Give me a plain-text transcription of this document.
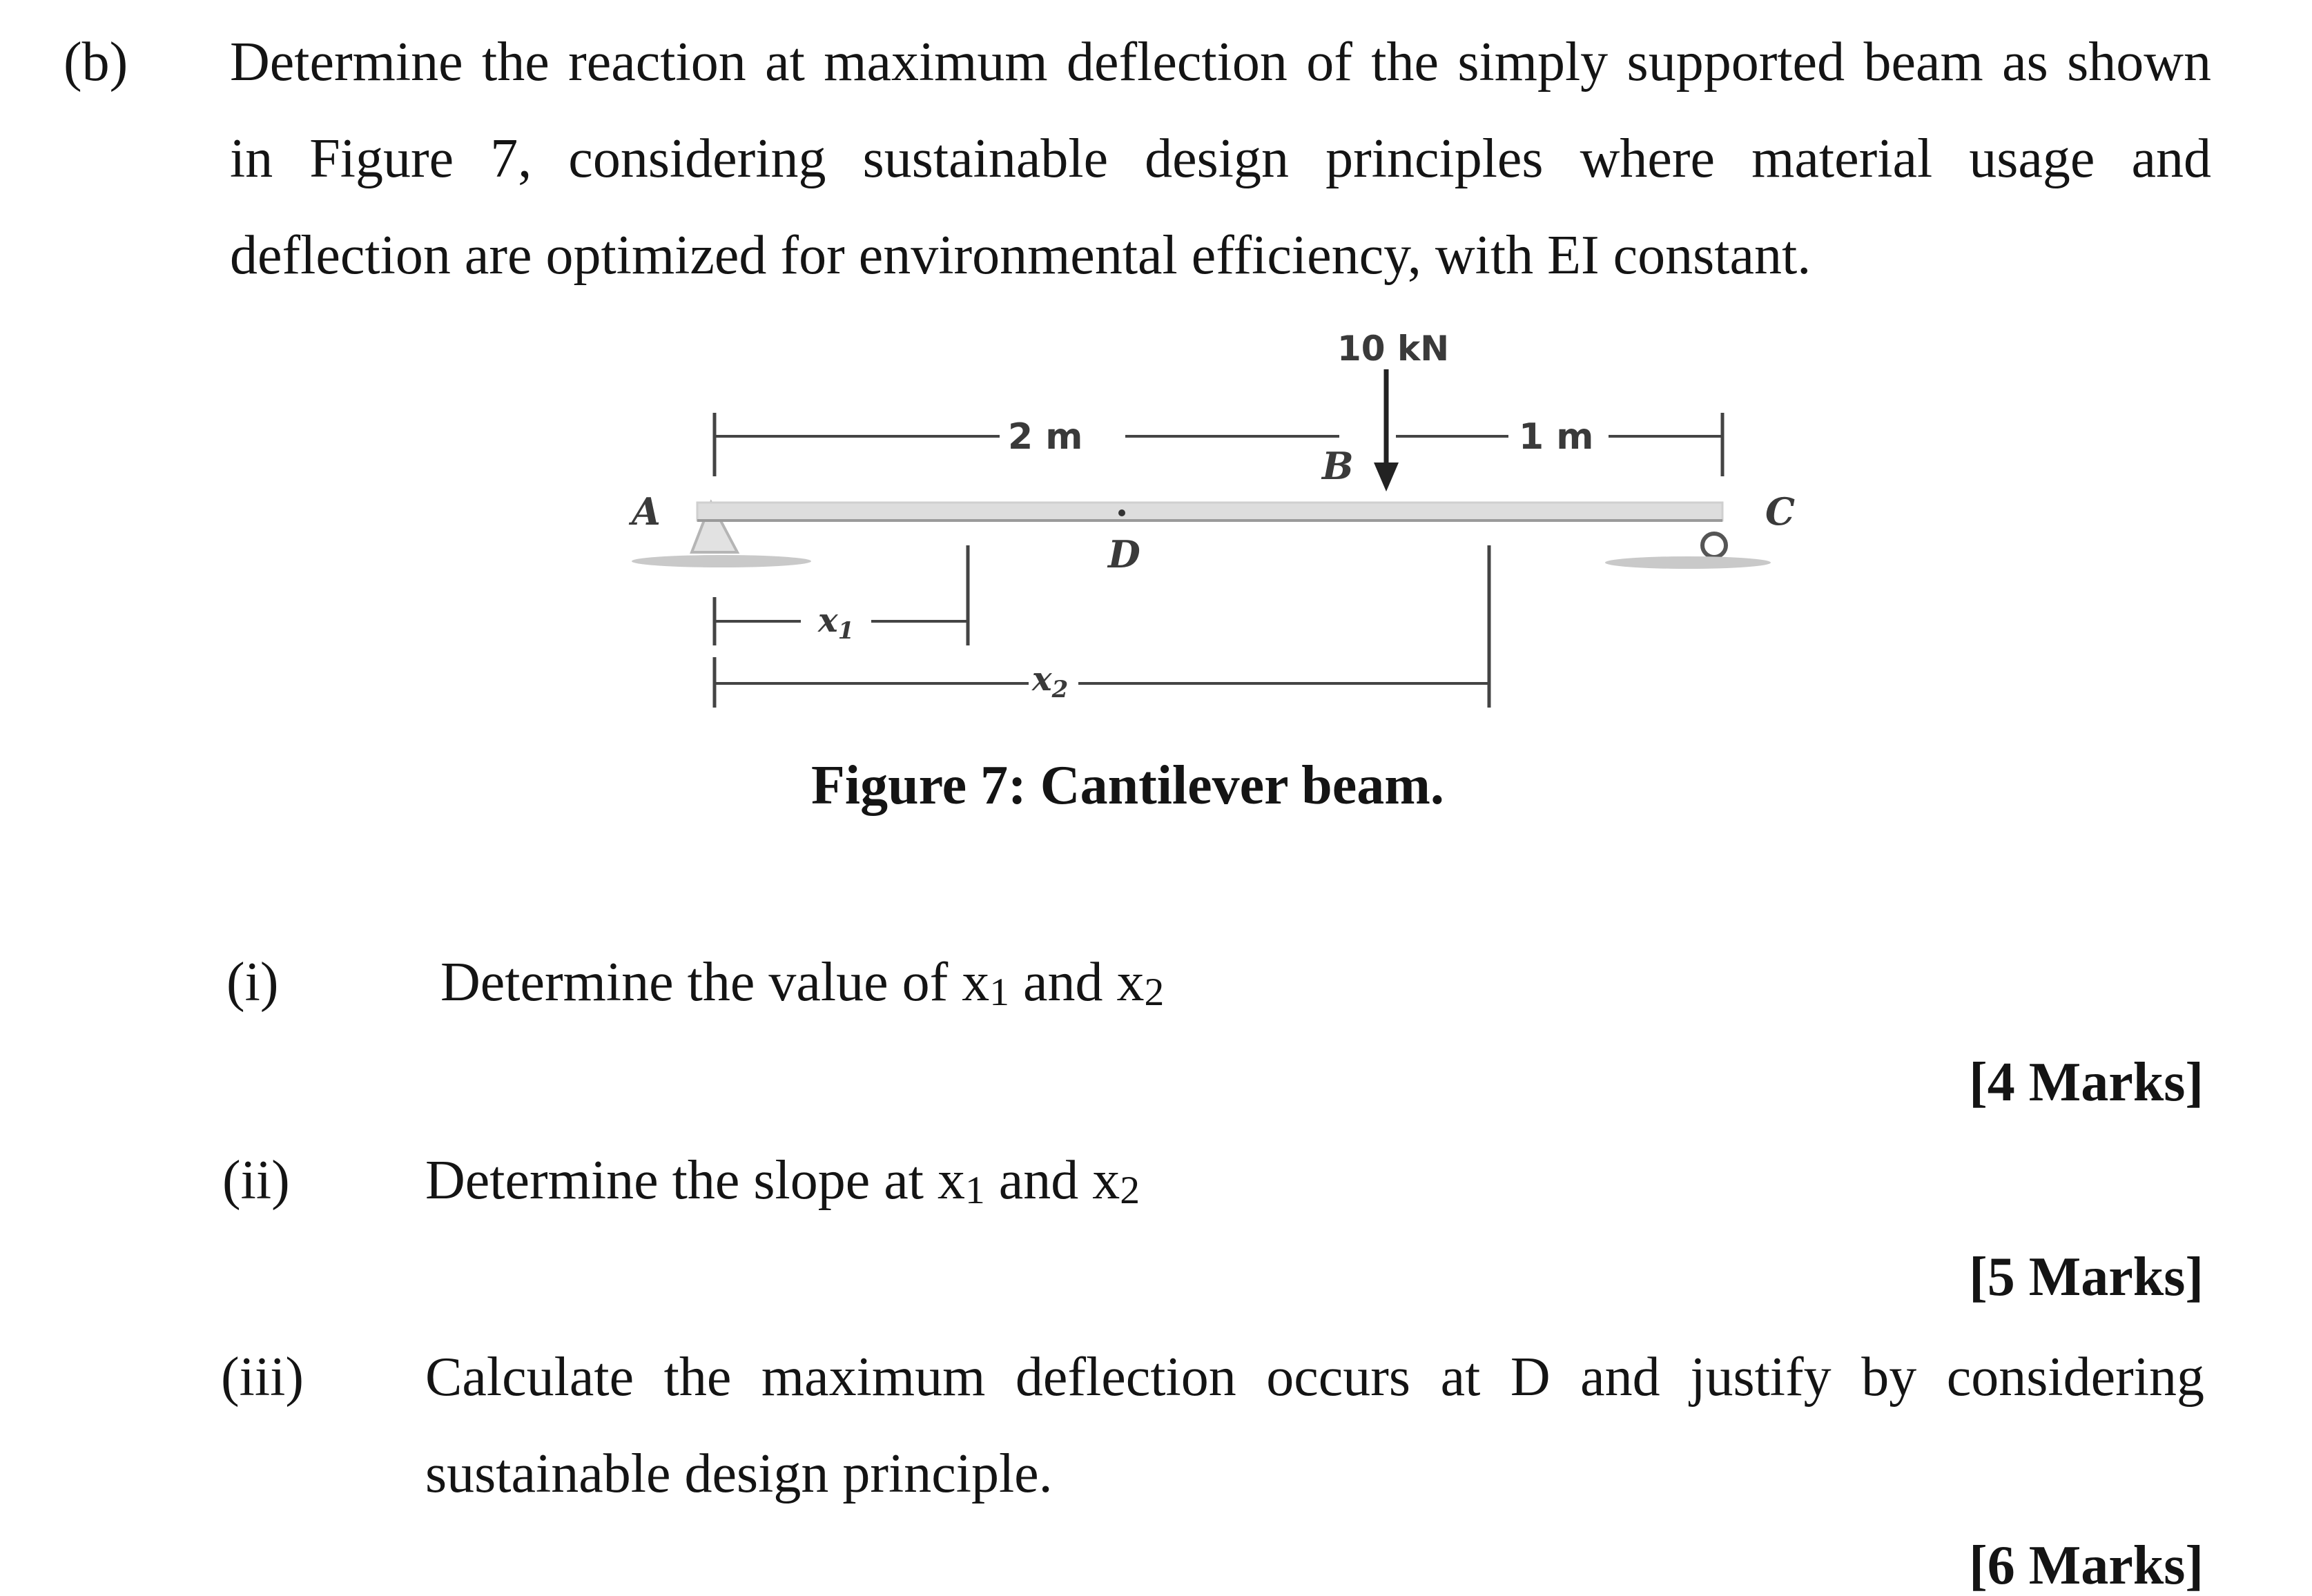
(b) Determine the reaction at maximum deflection of the simply supported beam as shown
in Figure 7, considering sustainable design principles where material usage and
deflection are optimized for environmental efficiency, with EI constant.
10 kN
2 m	1 m
A
B
C
D
$x_1$
$x_2$
Figure 7: Cantilever beam.
(i)	Determine the value of x1 and x2
[4 Marks]
(ii) Determine the slope at x1 and x2
[5 Marks]
(iii) Calculate the maximum deflection occurs at D and justify by considering
sustainable design principle.
[6 Marks]
